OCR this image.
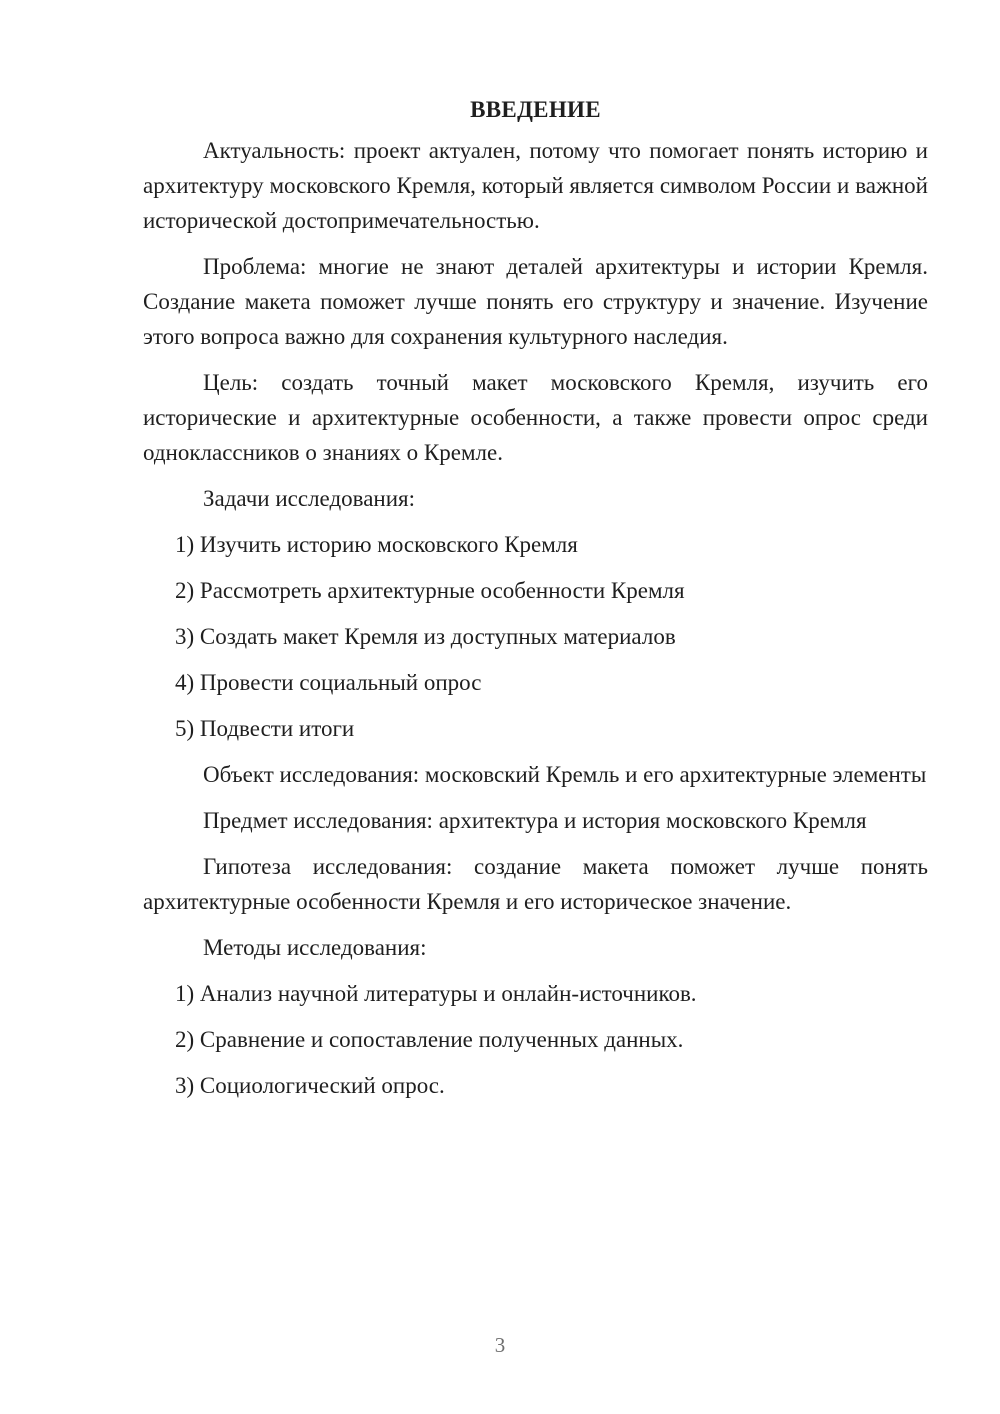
ВВЕДЕНИЕ

Актуальность: проект актуален, потому что помогает понять историю и архитектуру московского Кремля, который является символом России и важной исторической достопримечательностью.

Проблема: многие не знают деталей архитектуры и истории Кремля. Создание макета поможет лучше понять его структуру и значение. Изучение этого вопроса важно для сохранения культурного наследия.

Цель: создать точный макет московского Кремля, изучить его исторические и архитектурные особенности, а также провести опрос среди одноклассников о знаниях о Кремле.

Задачи исследования:

1) Изучить историю московского Кремля
2) Рассмотреть архитектурные особенности Кремля
3) Создать макет Кремля из доступных материалов
4) Провести социальный опрос
5) Подвести итоги

Объект исследования: московский Кремль и его архитектурные элементы

Предмет исследования: архитектура и история московского Кремля

Гипотеза исследования: создание макета поможет лучше понять архитектурные особенности Кремля и его историческое значение.

Методы исследования:

1) Анализ научной литературы и онлайн-источников.
2) Сравнение и сопоставление полученных данных.
3) Социологический опрос.
3
